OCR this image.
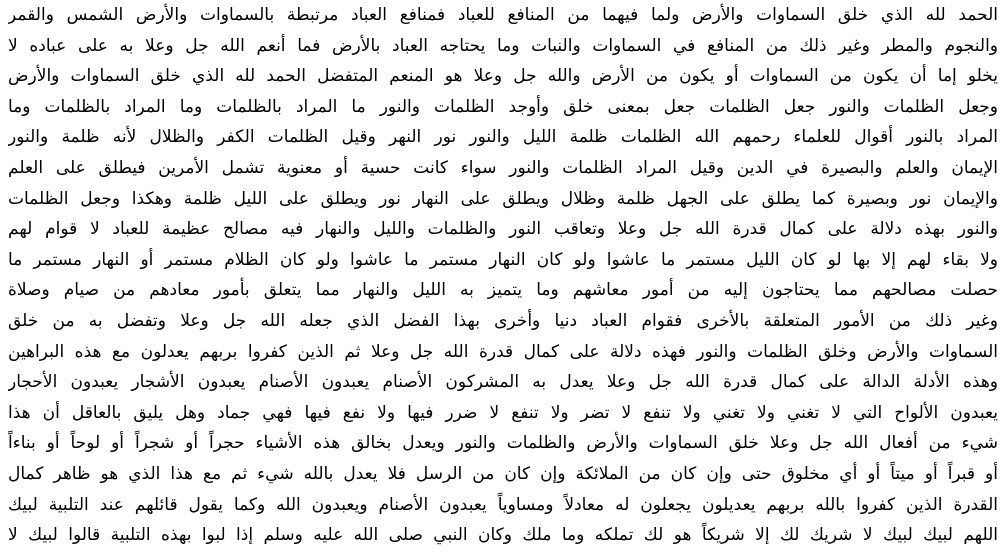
الحمد لله الذي خلق السماوات والأرض ولما فيهما من المنافع للعباد فمنافع العباد مرتبطة بالسماوات والأرض الشمس والقمر
والنجوم والمطر وغير ذلك من المنافع في السماوات والنبات وما يحتاجه العباد بالأرض فما أنعم الله جل وعلا به على عباده لا
يخلو إما أن يكون من السماوات أو يكون من الأرض والله جل وعلا هو المنعم المتفضل الحمد لله الذي خلق السماوات والأرض
وجعل الظلمات والنور جعل الظلمات جعل بمعنى خلق وأوجد الظلمات والنور ما المراد بالظلمات وما المراد بالظلمات وما
المراد بالنور أقوال للعلماء رحمهم الله الظلمات ظلمة الليل والنور نور النهر وقيل الظلمات الكفر والظلال لأنه ظلمة والنور
الإيمان والعلم والبصيرة في الدين وقيل المراد الظلمات والنور سواء كانت حسية أو معنوية تشمل الأمرين فيطلق على العلم
والإيمان نور وبصيرة كما يطلق على الجهل ظلمة وظلال ويطلق على النهار نور ويطلق على الليل ظلمة وهكذا وجعل الظلمات
والنور بهذه دلالة على كمال قدرة الله جل وعلا وتعاقب النور والظلمات والليل والنهار فيه مصالح عظيمة للعباد لا قوام لهم
ولا بقاء لهم إلا بها لو كان الليل مستمر ما عاشوا ولو كان النهار مستمر ما عاشوا ولو كان الظلام مستمر أو النهار مستمر ما
حصلت مصالحهم مما يحتاجون إليه من أمور معاشهم وما يتميز به الليل والنهار مما يتعلق بأمور معادهم من صيام وصلاة
وغير ذلك من الأمور المتعلقة بالأخرى فقوام العباد دنيا وأخرى بهذا الفضل الذي جعله الله جل وعلا وتفضل به من خلق
السماوات والأرض وخلق الظلمات والنور فهذه دلالة على كمال قدرة الله جل وعلا ثم الذين كفروا بربهم يعدلون مع هذه البراهين
وهذه الأدلة الدالة على كمال قدرة الله جل وعلا يعدل به المشركون الأصنام يعبدون الأصنام يعبدون الأشجار يعبدون الأحجار
يعبدون الألواح التي لا تغني ولا تغني ولا تنفع لا تضر ولا تنفع لا ضرر فيها ولا نفع فيها فهي جماد وهل يليق بالعاقل أن هذا
شيء من أفعال الله جل وعلا خلق السماوات والأرض والظلمات والنور ويعدل بخالق هذه الأشياء حجراً أو شجراً أو لوحاً أو بناءاً
أو قبراً أو ميتاً أو أي مخلوق حتى وإن كان من الملائكة وإن كان من الرسل فلا يعدل بالله شيء ثم مع هذا الذي هو ظاهر كمال
القدرة الذين كفروا بالله بربهم يعديلون يجعلون له معادلاً ومساوياً يعبدون الأصنام ويعبدون الله وكما يقول قائلهم عند التلبية لبيك
اللهم لبيك لبيك لا شريك لك إلا شريكاً هو لك تملكه وما ملك وكان النبي صلى الله عليه وسلم إذا لبوا بهذه التلبية قالوا لبيك لا
